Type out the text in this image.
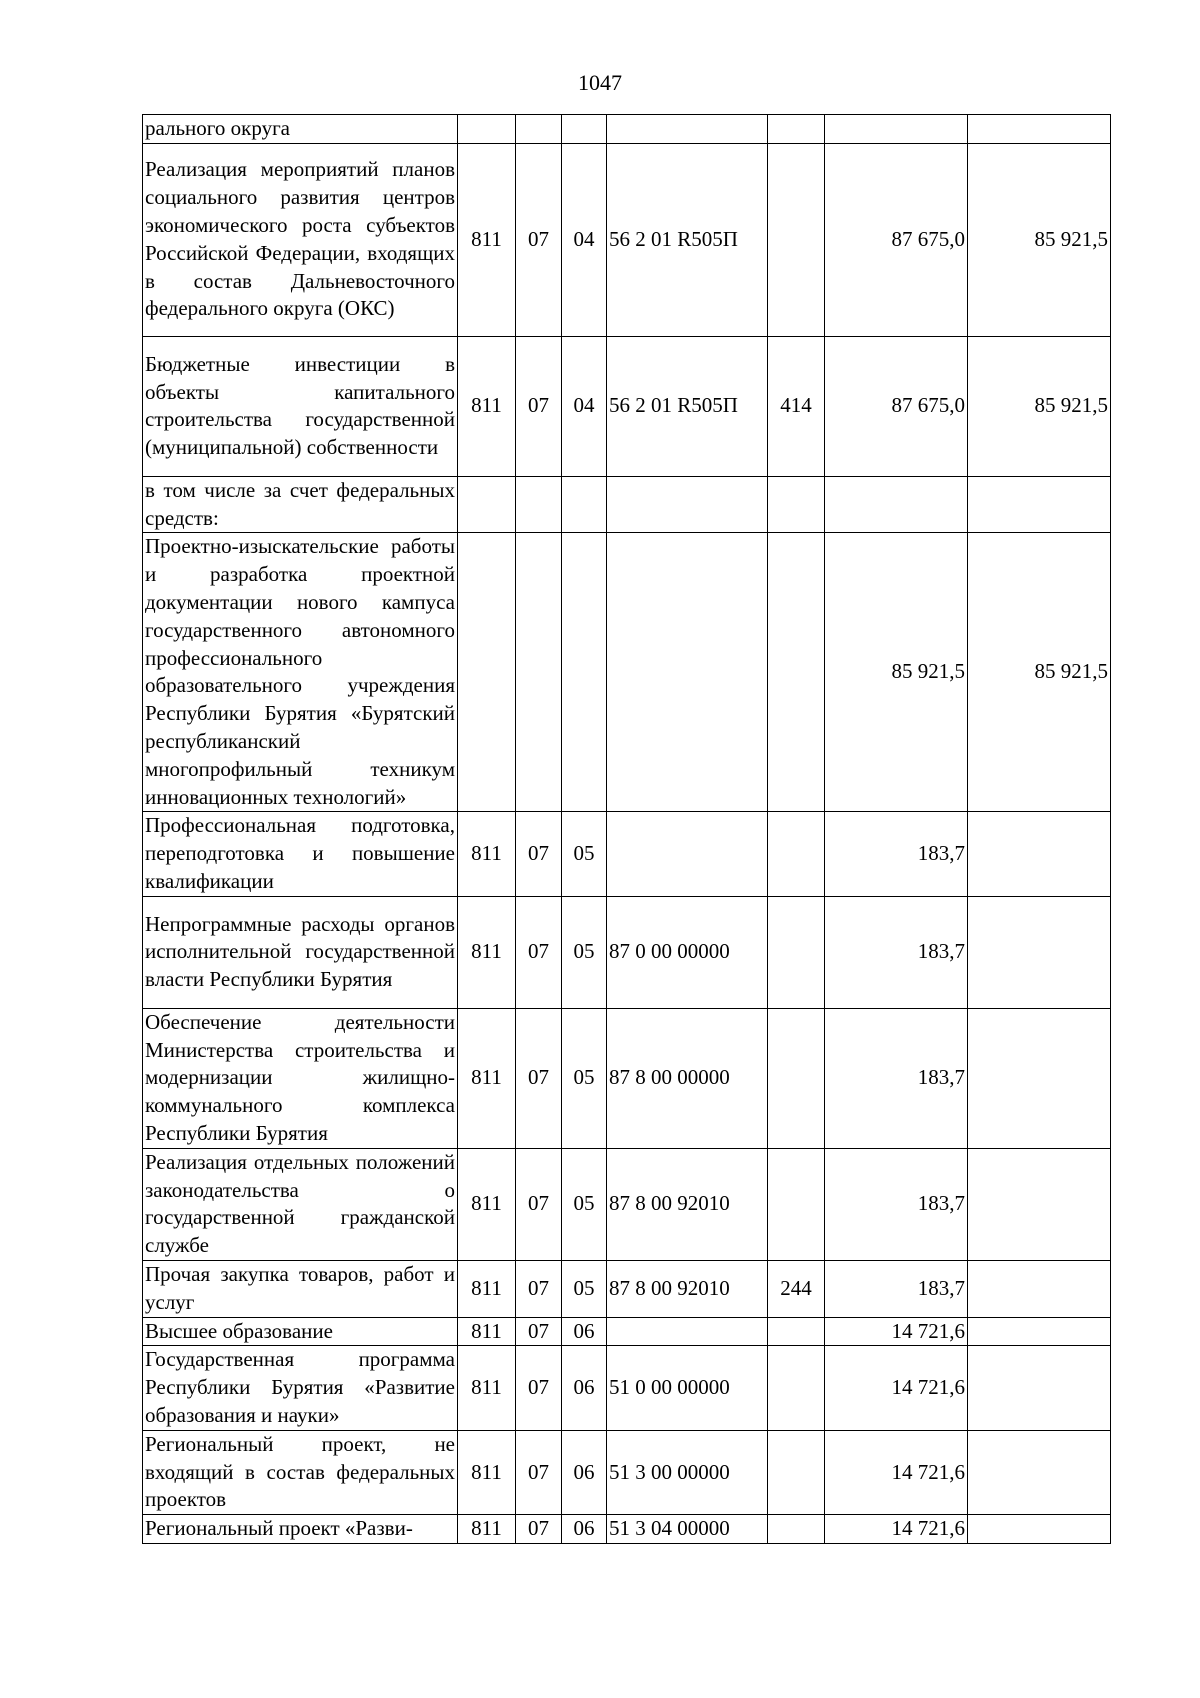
1047
рального округа							
Реализация мероприятий планов социального развития центров экономического роста субъектов Российской Федерации, входящих в состав Дальневосточного федерального округа (ОКС)	811	07	04	56 2 01 R505П		87 675,0	85 921,5
Бюджетные инвестиции в объекты капитального строительства государственной (муниципальной) собственности	811	07	04	56 2 01 R505П	414	87 675,0	85 921,5
в том числе за счет федеральных средств:							
Проектно-изыскательские работы и разработка проектной документации нового кампуса государственного автономного профессионального образовательного учреждения Республики Бурятия «Бурятский республиканский многопрофильный техникум инновационных технологий»						85 921,5	85 921,5
Профессиональная подготовка, переподготовка и повышение квалификации	811	07	05			183,7	
Непрограммные расходы органов исполнительной государственной власти Республики Бурятия	811	07	05	87 0 00 00000		183,7	
Обеспечение деятельности Министерства строительства и модернизации жилищно-коммунального комплекса Республики Бурятия	811	07	05	87 8 00 00000		183,7	
Реализация отдельных положений законодательства о государственной гражданской службе	811	07	05	87 8 00 92010		183,7	
Прочая закупка товаров, работ и услуг	811	07	05	87 8 00 92010	244	183,7	
Высшее образование	811	07	06			14 721,6	
Государственная программа Республики Бурятия «Развитие образования и науки»	811	07	06	51 0 00 00000		14 721,6	
Региональный проект, не входящий в состав федеральных проектов	811	07	06	51 3 00 00000		14 721,6	
Региональный проект «Разви-	811	07	06	51 3 04 00000		14 721,6	
